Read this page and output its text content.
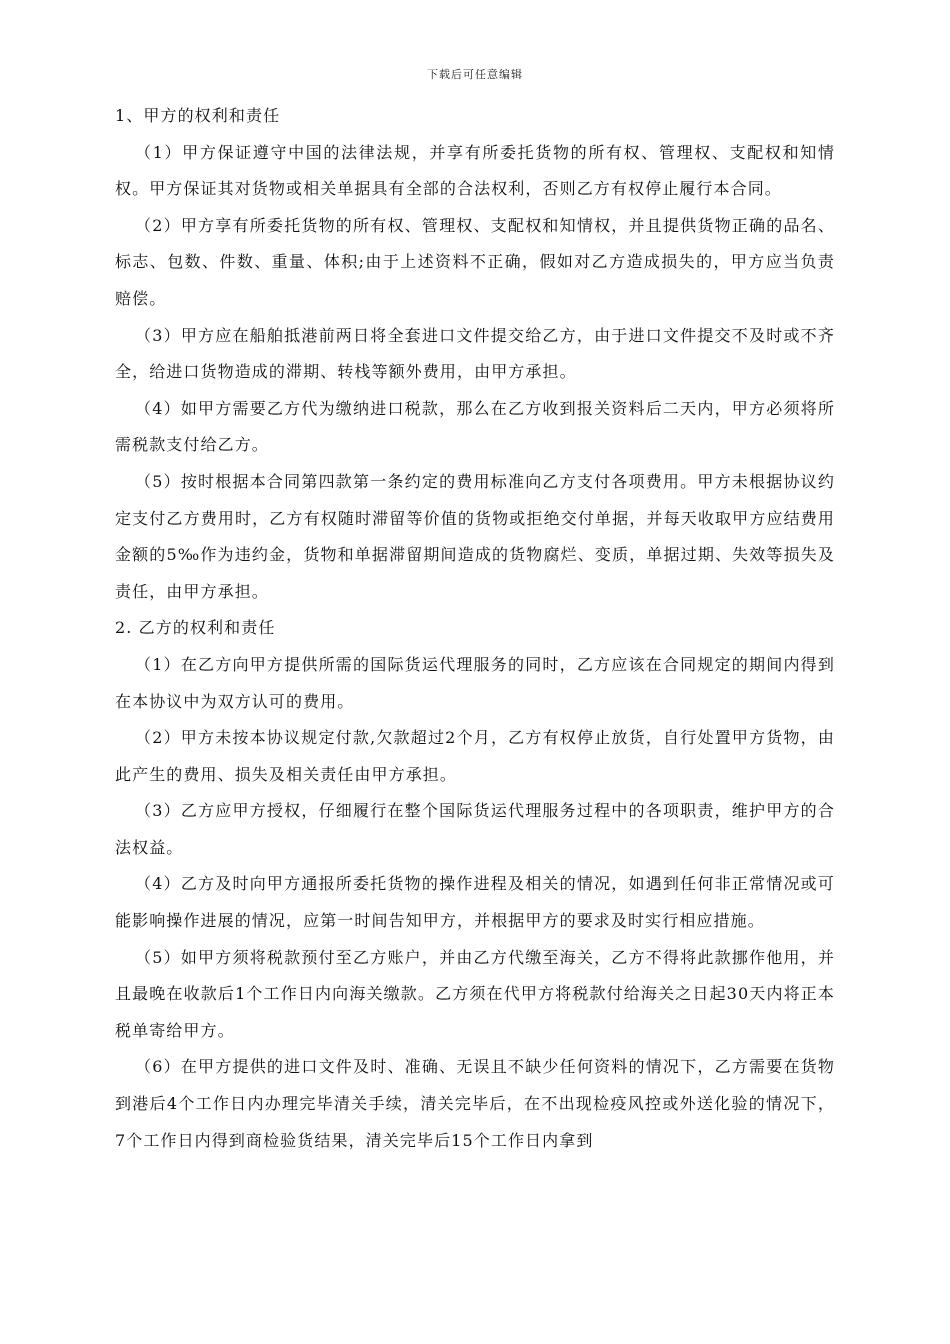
下载后可任意编辑

1、甲方的权利和责任

（1）甲方保证遵守中国的法律法规，并享有所委托货物的所有权、管理权、支配权和知情权。甲方保证其对货物或相关单据具有全部的合法权利，否则乙方有权停止履行本合同。

（2）甲方享有所委托货物的所有权、管理权、支配权和知情权，并且提供货物正确的品名、标志、包数、件数、重量、体积;由于上述资料不正确，假如对乙方造成损失的，甲方应当负责赔偿。

（3）甲方应在船舶抵港前两日将全套进口文件提交给乙方，由于进口文件提交不及时或不齐全，给进口货物造成的滞期、转栈等额外费用，由甲方承担。

（4）如甲方需要乙方代为缴纳进口税款，那么在乙方收到报关资料后二天内，甲方必须将所需税款支付给乙方。

（5）按时根据本合同第四款第一条约定的费用标准向乙方支付各项费用。甲方未根据协议约定支付乙方费用时，乙方有权随时滞留等价值的货物或拒绝交付单据，并每天收取甲方应结费用金额的5‰作为违约金，货物和单据滞留期间造成的货物腐烂、变质，单据过期、失效等损失及责任，由甲方承担。

2. 乙方的权利和责任

（1）在乙方向甲方提供所需的国际货运代理服务的同时，乙方应该在合同规定的期间内得到在本协议中为双方认可的费用。

（2）甲方未按本协议规定付款,欠款超过2个月，乙方有权停止放货，自行处置甲方货物，由此产生的费用、损失及相关责任由甲方承担。

（3）乙方应甲方授权，仔细履行在整个国际货运代理服务过程中的各项职责，维护甲方的合法权益。

（4）乙方及时向甲方通报所委托货物的操作进程及相关的情况，如遇到任何非正常情况或可能影响操作进展的情况，应第一时间告知甲方，并根据甲方的要求及时实行相应措施。

（5）如甲方须将税款预付至乙方账户，并由乙方代缴至海关，乙方不得将此款挪作他用，并且最晚在收款后1个工作日内向海关缴款。乙方须在代甲方将税款付给海关之日起30天内将正本税单寄给甲方。

（6）在甲方提供的进口文件及时、准确、无误且不缺少任何资料的情况下，乙方需要在货物到港后4个工作日内办理完毕清关手续，清关完毕后，在不出现检疫风控或外送化验的情况下，7个工作日内得到商检验货结果，清关完毕后15个工作日内拿到
